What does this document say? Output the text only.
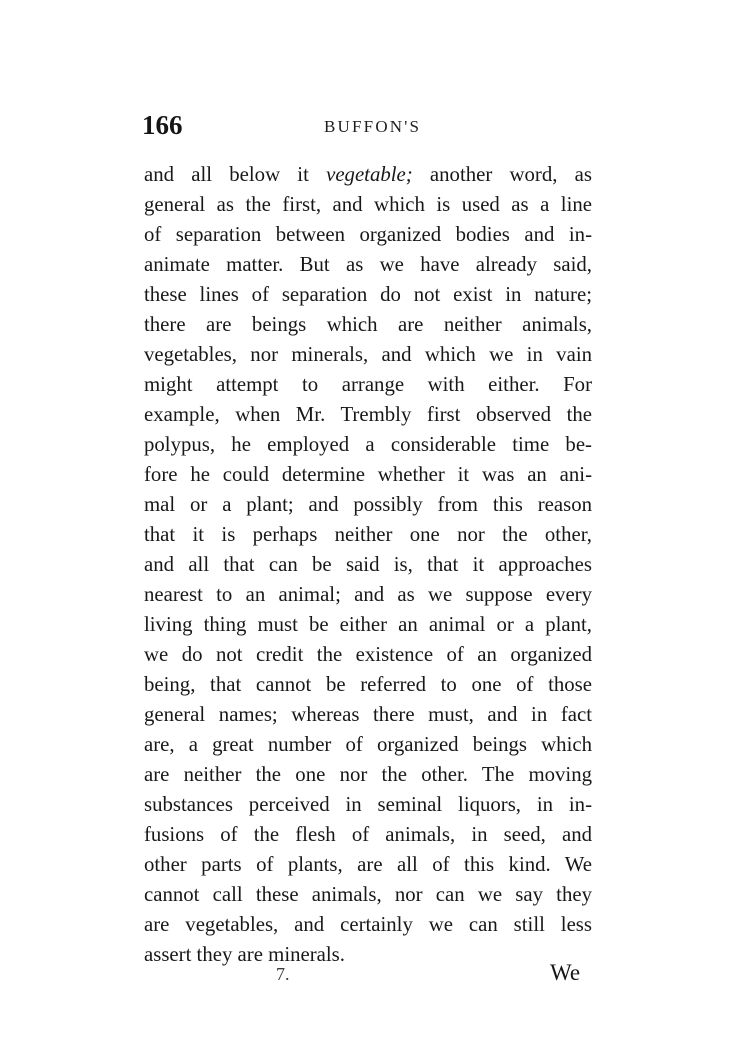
166	BUFFON'S
and all below it vegetable; another word, as
general as the first, and which is used as a line
of separation between organized bodies and in-
animate matter. But as we have already said,
these lines of separation do not exist in nature;
there are beings which are neither animals,
vegetables, nor minerals, and which we in vain
might attempt to arrange with either. For
example, when Mr. Trembly first observed the
polypus, he employed a considerable time be-
fore he could determine whether it was an ani-
mal or a plant; and possibly from this reason
that it is perhaps neither one nor the other,
and all that can be said is, that it approaches
nearest to an animal; and as we suppose every
living thing must be either an animal or a plant,
we do not credit the existence of an organized
being, that cannot be referred to one of those
general names; whereas there must, and in fact
are, a great number of organized beings which
are neither the one nor the other. The moving
substances perceived in seminal liquors, in in-
fusions of the flesh of animals, in seed, and
other parts of plants, are all of this kind. We
cannot call these animals, nor can we say they
are vegetables, and certainly we can still less
assert they are minerals.
7.	We
